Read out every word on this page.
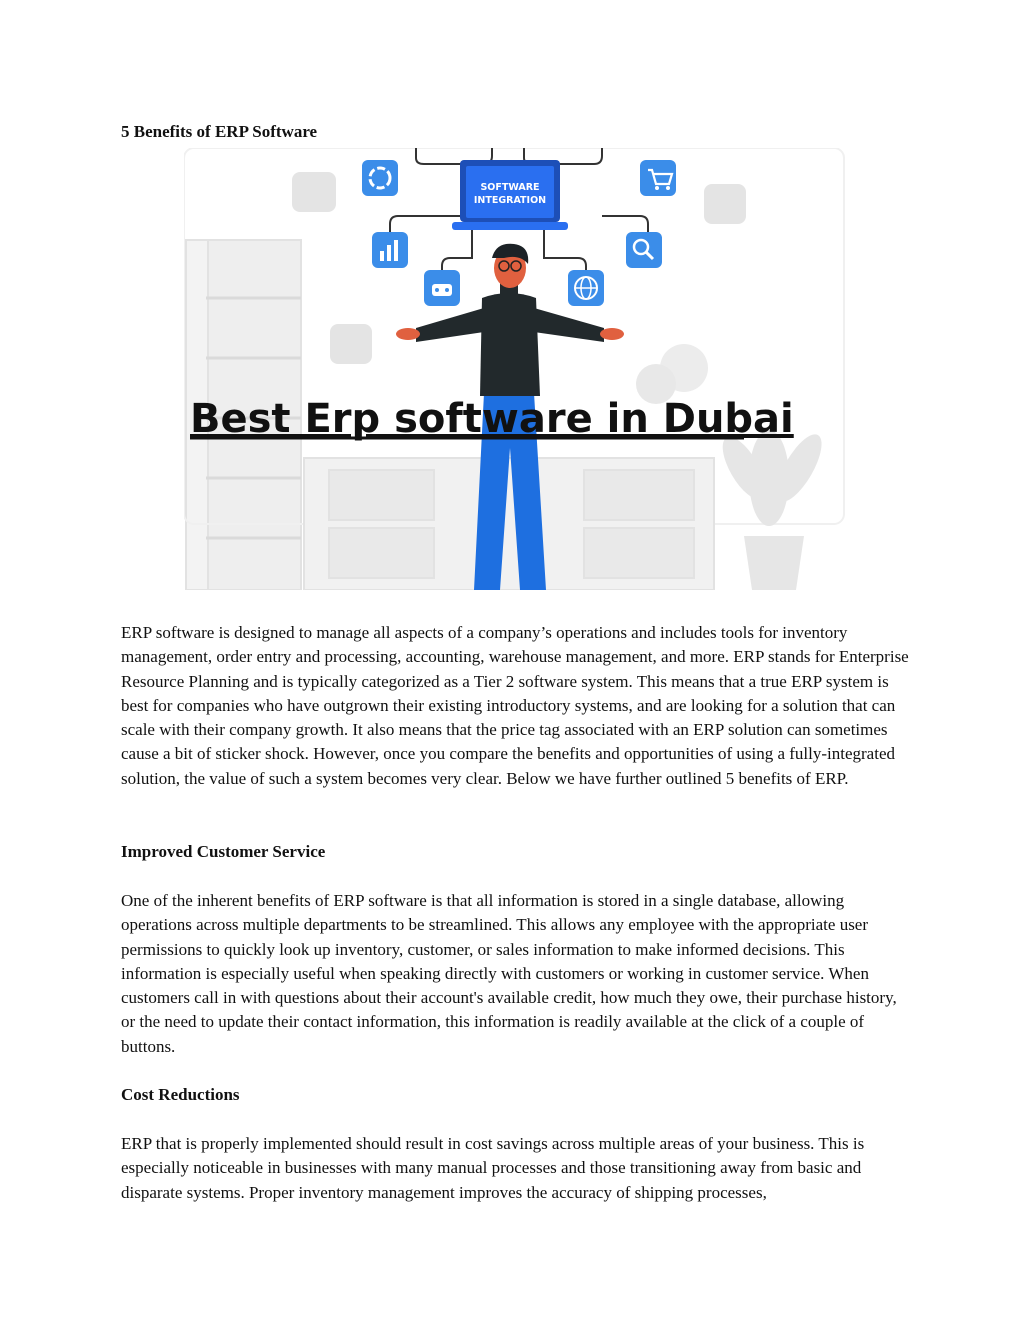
5 Benefits of ERP Software
SOFTWARE
INTEGRATION
Best Erp software in Dubai

ERP software is designed to manage all aspects of a company’s operations and includes tools for inventory management, order entry and processing, accounting, warehouse management, and more. ERP stands for Enterprise Resource Planning and is typically categorized as a Tier 2 software system. This means that a true ERP system is best for companies who have outgrown their existing introductory systems, and are looking for a solution that can scale with their company growth. It also means that the price tag associated with an ERP solution can sometimes cause a bit of sticker shock. However, once you compare the benefits and opportunities of using a fully-integrated solution, the value of such a system becomes very clear. Below we have further outlined 5 benefits of ERP.

Improved Customer Service

One of the inherent benefits of ERP software is that all information is stored in a single database, allowing operations across multiple departments to be streamlined. This allows any employee with the appropriate user permissions to quickly look up inventory, customer, or sales information to make informed decisions. This information is especially useful when speaking directly with customers or working in customer service. When customers call in with questions about their account's available credit, how much they owe, their purchase history, or the need to update their contact information, this information is readily available at the click of a couple of buttons.

Cost Reductions

ERP that is properly implemented should result in cost savings across multiple areas of your business. This is especially noticeable in businesses with many manual processes and those transitioning away from basic and disparate systems. Proper inventory management improves the accuracy of shipping processes,
